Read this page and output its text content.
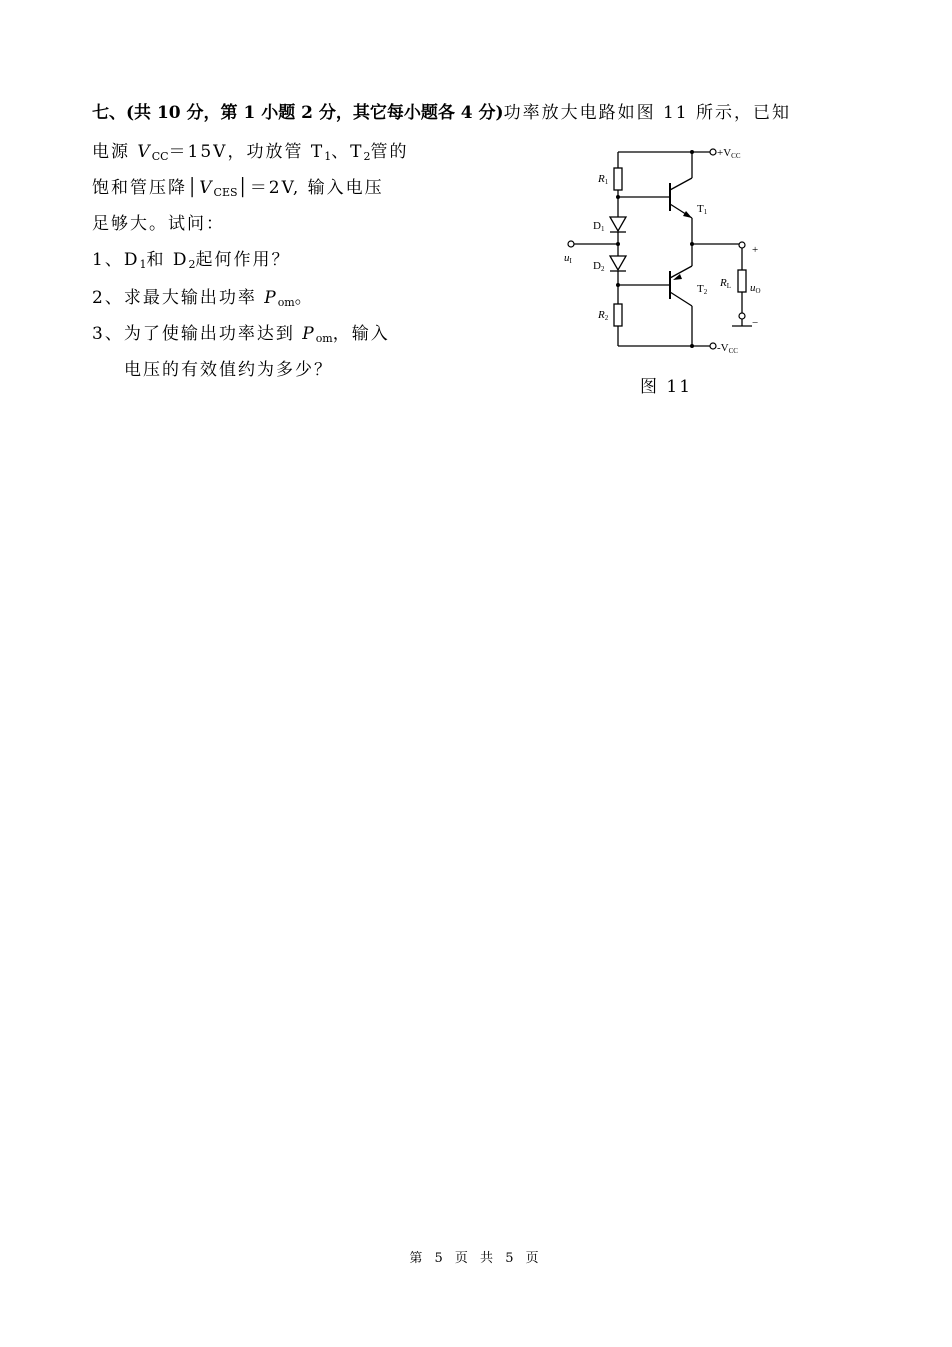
七、(共 10 分，第 1 小题 2 分，其它每小题各 4 分)功率放大电路如图 11 所示，已知
电源 $V_{CC}=15V$，功放管 $T_1$、$T_2$管的
饱和管压降$│V_{CES}│=2V$, 输入电压
足够大。试问：
1、$D_1$和 $D_2$起何作用？
2、求最大输出功率 $P_{om}$。
3、为了使输出功率达到 $P_{om}$，输入
电压的有效值约为多少？
+VCC
-VCC
R1
R2
D1
D2
T1
T2
RL
uI
uO
+
−
图 11
第 5 页 共 5 页
